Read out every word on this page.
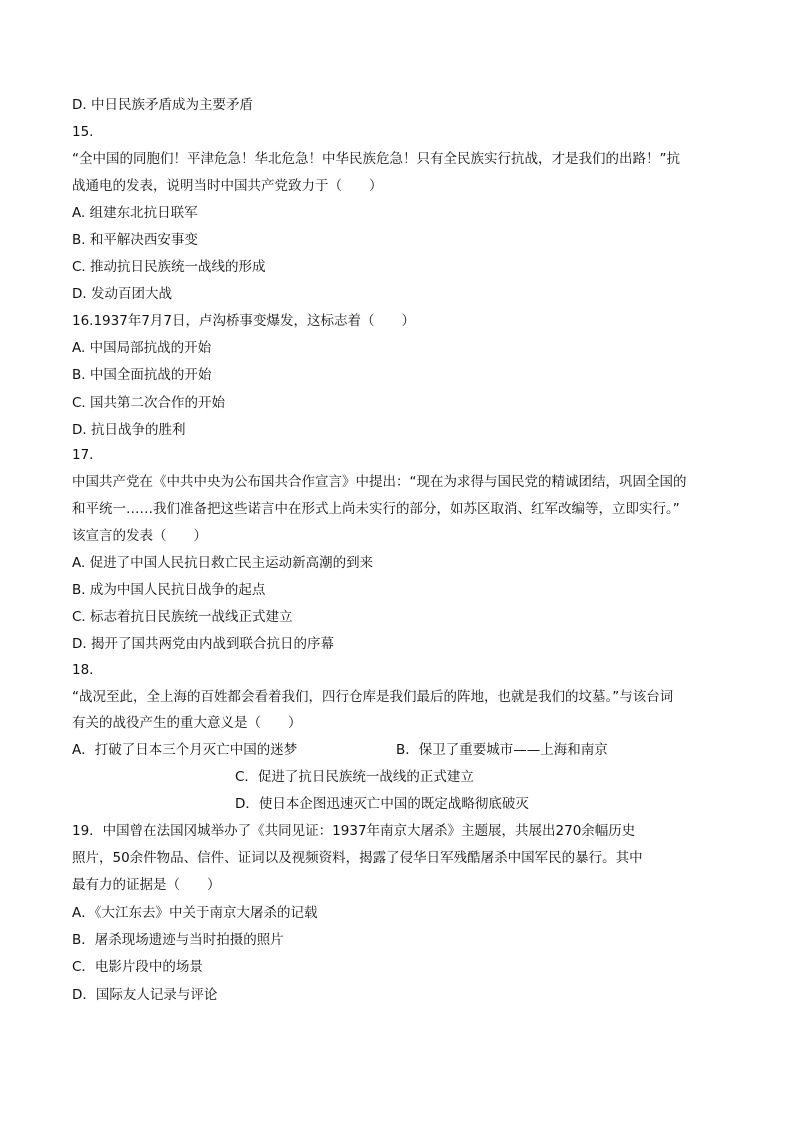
D. 中日民族矛盾成为主要矛盾
15.
“全中国的同胞们！平津危急！华北危急！中华民族危急！只有全民族实行抗战，才是我们的出路！”抗
战通电的发表，说明当时中国共产党致力于（　　）
A. 组建东北抗日联军
B. 和平解决西安事变
C. 推动抗日民族统一战线的形成
D. 发动百团大战
16.1937年7月7日，卢沟桥事变爆发，这标志着（　　）
A. 中国局部抗战的开始
B. 中国全面抗战的开始
C. 国共第二次合作的开始
D. 抗日战争的胜利
17.
中国共产党在《中共中央为公布国共合作宣言》中提出：“现在为求得与国民党的精诚团结，巩固全国的
和平统一……我们准备把这些诺言中在形式上尚未实行的部分，如苏区取消、红军改编等，立即实行。”
该宣言的发表（　　）
A. 促进了中国人民抗日救亡民主运动新高潮的到来
B. 成为中国人民抗日战争的起点
C. 标志着抗日民族统一战线正式建立
D. 揭开了国共两党由内战到联合抗日的序幕
18.
“战况至此，全上海的百姓都会看着我们，四行仓库是我们最后的阵地，也就是我们的坟墓。”与该台词
有关的战役产生的重大意义是（　　）
A．打破了日本三个月灭亡中国的迷梦	B．保卫了重要城市——上海和南京
C．促进了抗日民族统一战线的正式建立
D．使日本企图迅速灭亡中国的既定战略彻底破灭
19．中国曾在法国冈城举办了《共同见证：1937年南京大屠杀》主题展，共展出270余幅历史
照片，50余件物品、信件、证词以及视频资料，揭露了侵华日军残酷屠杀中国军民的暴行。其中
最有力的证据是（　　）
A．《大江东去》中关于南京大屠杀的记载
B．屠杀现场遗迹与当时拍摄的照片
C．电影片段中的场景
D．国际友人记录与评论
